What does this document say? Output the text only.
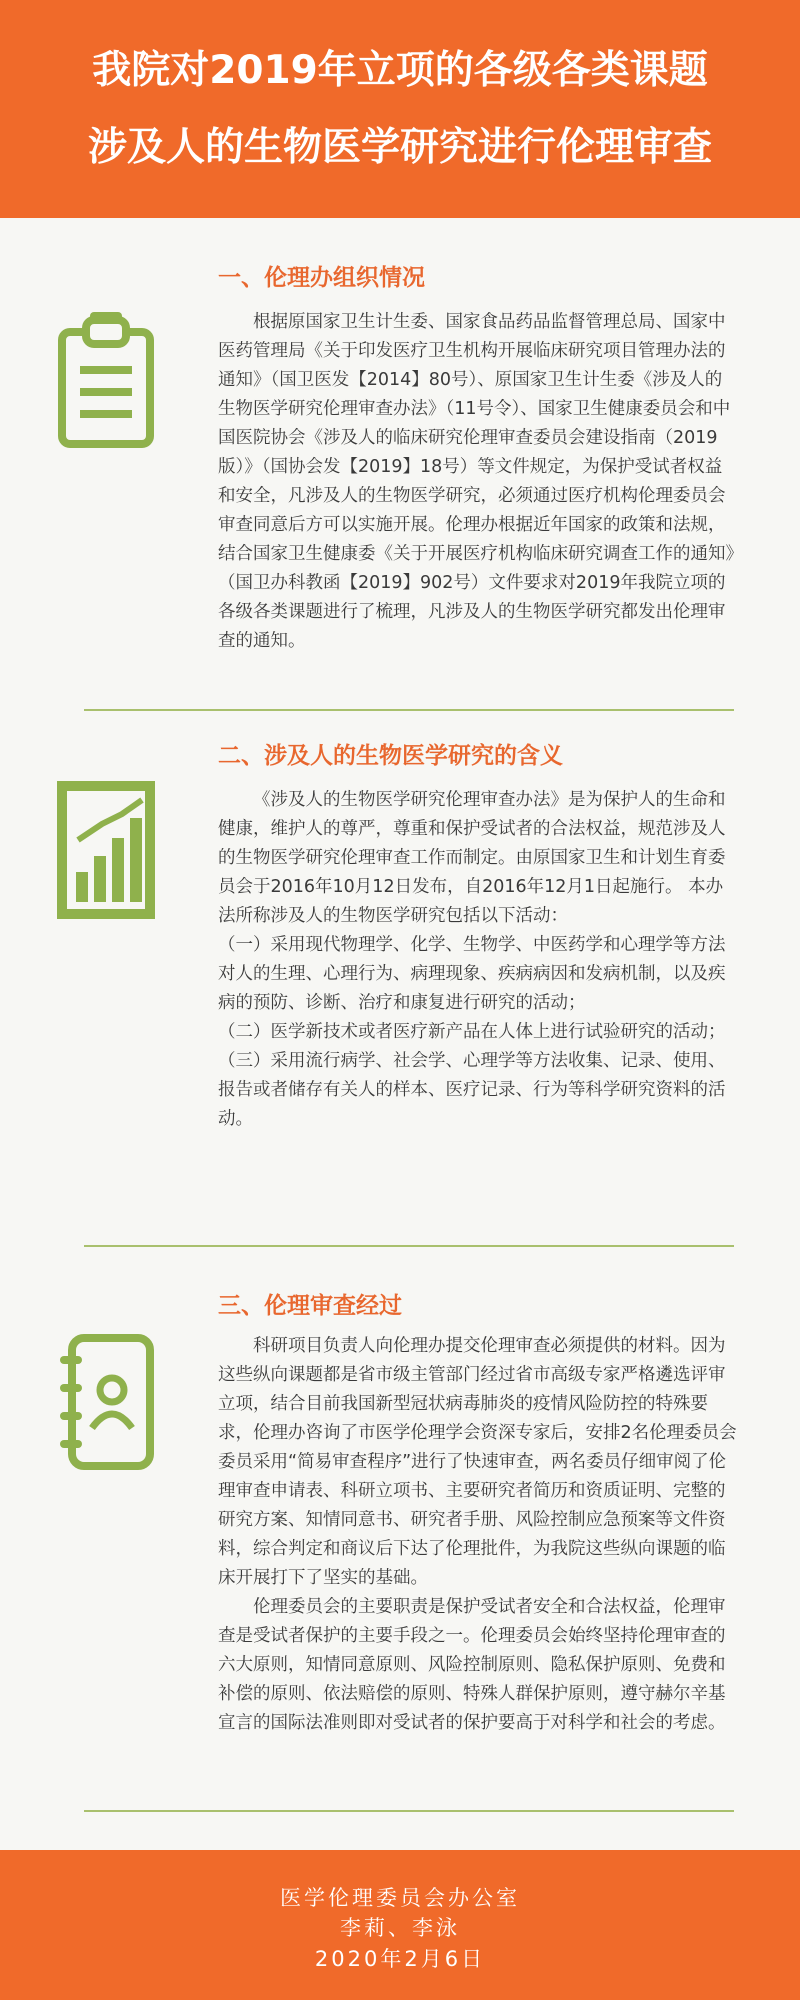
我院对2019年立项的各级各类课题
涉及人的生物医学研究进行伦理审查
一、伦理办组织情况

根据原国家卫生计生委、国家食品药品监督管理总局、国家中医药管理局《关于印发医疗卫生机构开展临床研究项目管理办法的通知》（国卫医发【2014】80号）、原国家卫生计生委《涉及人的生物医学研究伦理审查办法》（11号令）、国家卫生健康委员会和中国医院协会《涉及人的临床研究伦理审查委员会建设指南（2019版）》（国协会发【2019】18号）等文件规定，为保护受试者权益和安全，凡涉及人的生物医学研究，必须通过医疗机构伦理委员会审查同意后方可以实施开展。伦理办根据近年国家的政策和法规，结合国家卫生健康委《关于开展医疗机构临床研究调查工作的通知》（国卫办科教函【2019】902号）文件要求对2019年我院立项的各级各类课题进行了梳理，凡涉及人的生物医学研究都发出伦理审查的通知。

二、涉及人的生物医学研究的含义

《涉及人的生物医学研究伦理审查办法》是为保护人的生命和健康，维护人的尊严，尊重和保护受试者的合法权益，规范涉及人的生物医学研究伦理审查工作而制定。由原国家卫生和计划生育委员会于2016年10月12日发布，自2016年12月1日起施行。 本办法所称涉及人的生物医学研究包括以下活动：

（一）采用现代物理学、化学、生物学、中医药学和心理学等方法对人的生理、心理行为、病理现象、疾病病因和发病机制，以及疾病的预防、诊断、治疗和康复进行研究的活动；

（二）医学新技术或者医疗新产品在人体上进行试验研究的活动；

（三）采用流行病学、社会学、心理学等方法收集、记录、使用、报告或者储存有关人的样本、医疗记录、行为等科学研究资料的活动。

三、伦理审查经过

科研项目负责人向伦理办提交伦理审查必须提供的材料。因为这些纵向课题都是省市级主管部门经过省市高级专家严格遴选评审立项，结合目前我国新型冠状病毒肺炎的疫情风险防控的特殊要求，伦理办咨询了市医学伦理学会资深专家后，安排2名伦理委员会委员采用“简易审查程序”进行了快速审查，两名委员仔细审阅了伦理审查申请表、科研立项书、主要研究者简历和资质证明、完整的研究方案、知情同意书、研究者手册、风险控制应急预案等文件资料，综合判定和商议后下达了伦理批件，为我院这些纵向课题的临床开展打下了坚实的基础。

伦理委员会的主要职责是保护受试者安全和合法权益，伦理审查是受试者保护的主要手段之一。伦理委员会始终坚持伦理审查的六大原则，知情同意原则、风险控制原则、隐私保护原则、免费和补偿的原则、依法赔偿的原则、特殊人群保护原则，遵守赫尔辛基宣言的国际法准则即对受试者的保护要高于对科学和社会的考虑。

医学伦理委员会办公室
李莉、李泳
2020年2月6日
